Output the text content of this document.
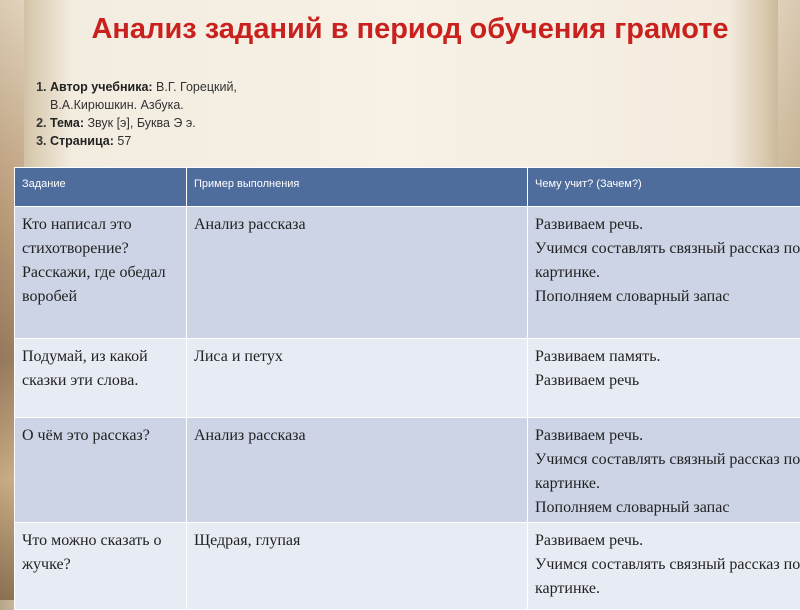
Анализ заданий в период обучения грамоте
1. Автор учебника: В.Г. Горецкий, В.А.Кирюшкин. Азбука.
2. Тема: Звук [э], Буква Э э.
3. Страница: 57
Задание	Пример выполнения	Чему учит? (Зачем?)
Кто написал это стихотворение? Расскажи, где обедал воробей	Анализ рассказа	Развиваем речь.
Учимся составлять связный рассказ по картинке.
Пополняем словарный запас

Подумай, из какой сказки эти слова.	Лиса и петух	Развиваем память.
Развиваем речь

О чём это рассказ?	Анализ рассказа	Развиваем речь.
Учимся составлять связный рассказ по картинке.
Пополняем словарный запас

Что можно сказать о жучке?	Щедрая, глупая	Развиваем речь.
Учимся составлять связный рассказ по картинке.
